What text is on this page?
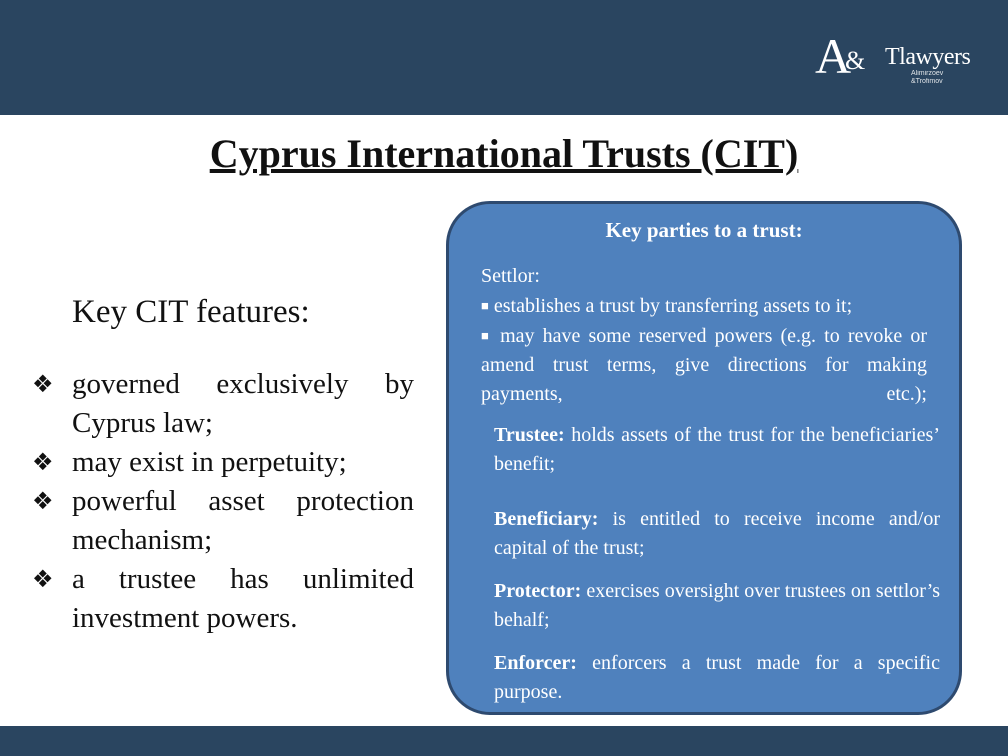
A
& Tlawyers
Alimirzoev
&Trofimov
Cyprus International Trusts (CIT)
Key CIT features:
❖ governed exclusively by Cyprus law;
❖ may exist in perpetuity;
❖ powerful asset protection mechanism;
❖ a trustee has unlimited investment powers.
Key parties to a trust:
Settlor:
■ establishes a trust by transferring assets to it;
■ may have some reserved powers (e.g. to revoke or amend trust terms, give directions for making payments, etc.);
Trustee: holds assets of the trust for the beneficiaries’ benefit;
Beneficiary: is entitled to receive income and/or capital of the trust;
Protector: exercises oversight over trustees on settlor’s behalf;
Enforcer: enforcers a trust made for a specific purpose.
